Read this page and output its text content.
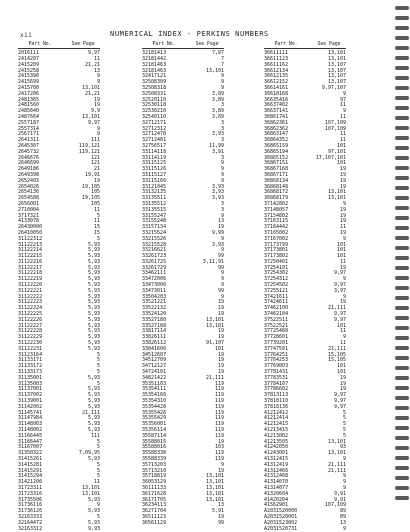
xii	NUMERICAL INDEX - PERKINS NUMBERS
Part No.	See Page
2016111	9,97
2414207	11
2415209	21,21
2415258	13
2415390	9
2415699	9
2415700	13,101
2417206	21,21
2481365	19
2481560	19
2485640	9,9
2487664	13,101
2557187	9,97
2557314	9
2567171	9
2641311	111
2645307	119,121
2645732	119,121
2646676	121
2646699	121
2649186	21
2649398	19,91
2652403	19
2654026	19,105
2654136	105
2654588	19,105
2656001	105
2710004	11
3717321	5
4133078	11
26430000	15
26410050	15
31122312	5
31122213	5,93
31122214	5,93
31122215	5,93
31122216	5,93
31122217	5,93
31122218	5,93
31122219	5,93
31122220	5,93
31122221	5,93
31122222	5,93
31122223	5,93
31122224	5,93
31122225	5,93
31122226	5,93
31122227	5,93
31122228	5,93
31122229	5,93
31122230	5,93
31122231	5,93
31123164	5
31133171	5
31133172	5
31133173	5
31135001	5,93
31135003	5
31137001	5,93
31137002	5,93
31139001	5,93
31142002	5,93
31145741	21,111
31147984	5,93
31148003	5,93
31148002	5,93
31166445	111
31166447	5
31167007	5
31350322	7,09,95
31415261	5,93
31415281	5
31415291	5
31415294	5
31421206	11
31723311	13,101
31723316	13,101
31735506	5,93
31736116	9
31736126	5,93
32163333	5
32164472	5,93
32163312	9,93
Part No.	See Page
32181413	7,97
32181442	7
32181463	7
32181463	13,101
32417121	9
32508309	9
32508318	9
32508331	3,89
32520110	3,89
32530118	3
32530210	3,89
32540110	3,89
32712171	3
32712312	3
32712470	3,93
32712481	3
32756517	11,99
33114118	3,91
33114119	3
33115125	9
33115126	9
33115127	9
33115166	9
33121045	3,93
33132135	3,93
33135511	3,93
33135512	3
33135515	3
33155247	9
33155248	13
33157134	19
33215524	9,99
33215526	9
33215528	3,93
33216621	9
33261723	99
33261725	3,11,91
33261729	99
33462111	9
33472006	9
33473006	9
33473011	99
33504203	9
33521221	19
33522132	19
33524120	19
33527180	13,101
33527188	13,101
33817114	19
33826111	19
33826112	91,107
33841606	101
34512607	19
34512709	19
34712127	19
34724101	19
34821422	21,111
35351103	119
35354111	119
35354166	119
35354310	119
35354428	119
35355426	119
35355429	119
35356001	119
35356114	119
35587114	119
35588015	19
35588016	103
35588338	119
35588339	119
35713203	9
35713210	19
35718819	13,101
36053129	13,101
36111133	13,101
36171628	13,101
36171705	13,101
36234113	13
36271704	5,91
36511123	19
36561129	99
Part No.	See Page
36611111	13,101
36611123	13,101
36611162	13,107
36612134	13,107
36612135	13,107
36612152	13,107
36614161	9,97,107
36618168	9
36635416	97
36637402	11
36637141	9
36861741	11
36862361	107,109
36862362	107,109
36863147	11
36864352	11
36865159	101
36865194	97,101
36865152	17,107,101
36867151	101
36867168	19
36867171	19
36868134	19
36868148	19
36868172	13,101
36868179	13,101
37142802	9
37148057	19
37154802	19
37163115	19
37164442	11
37165002	19
37167002	9
37173799	101
37173801	101
37173802	101
37250401	11
37254101	19
37254302	9,97
37254312	9
37254502	9,97
37255121	3,97
37421611	9
37424611	19
37462100	21,111
37462104	9,97
37522511	9,97
37522521	101
37725488	11
37728601	9
37739201	11
37747501	21,111
37764251	15,105
37764253	15,105
37769003	101
37781431	101
37783531	19
37784107	19
37786602	19
37813113	9,97
37818110	9,97
37818136	9,97
41212412	5
41212414	5
41212415	5
41213415	5
41213002	5
41213505	13,101
41242050	93
41243001	13,101
41312415	9
41312419	21,111
41312466	21,111
41312468	9
41314070	9
41314077	9
41320604	9,91
41420204	9,91
41562901	107,109
A2031520000	89
A2031520001	89
A2031523002	13
A2031520731	9
